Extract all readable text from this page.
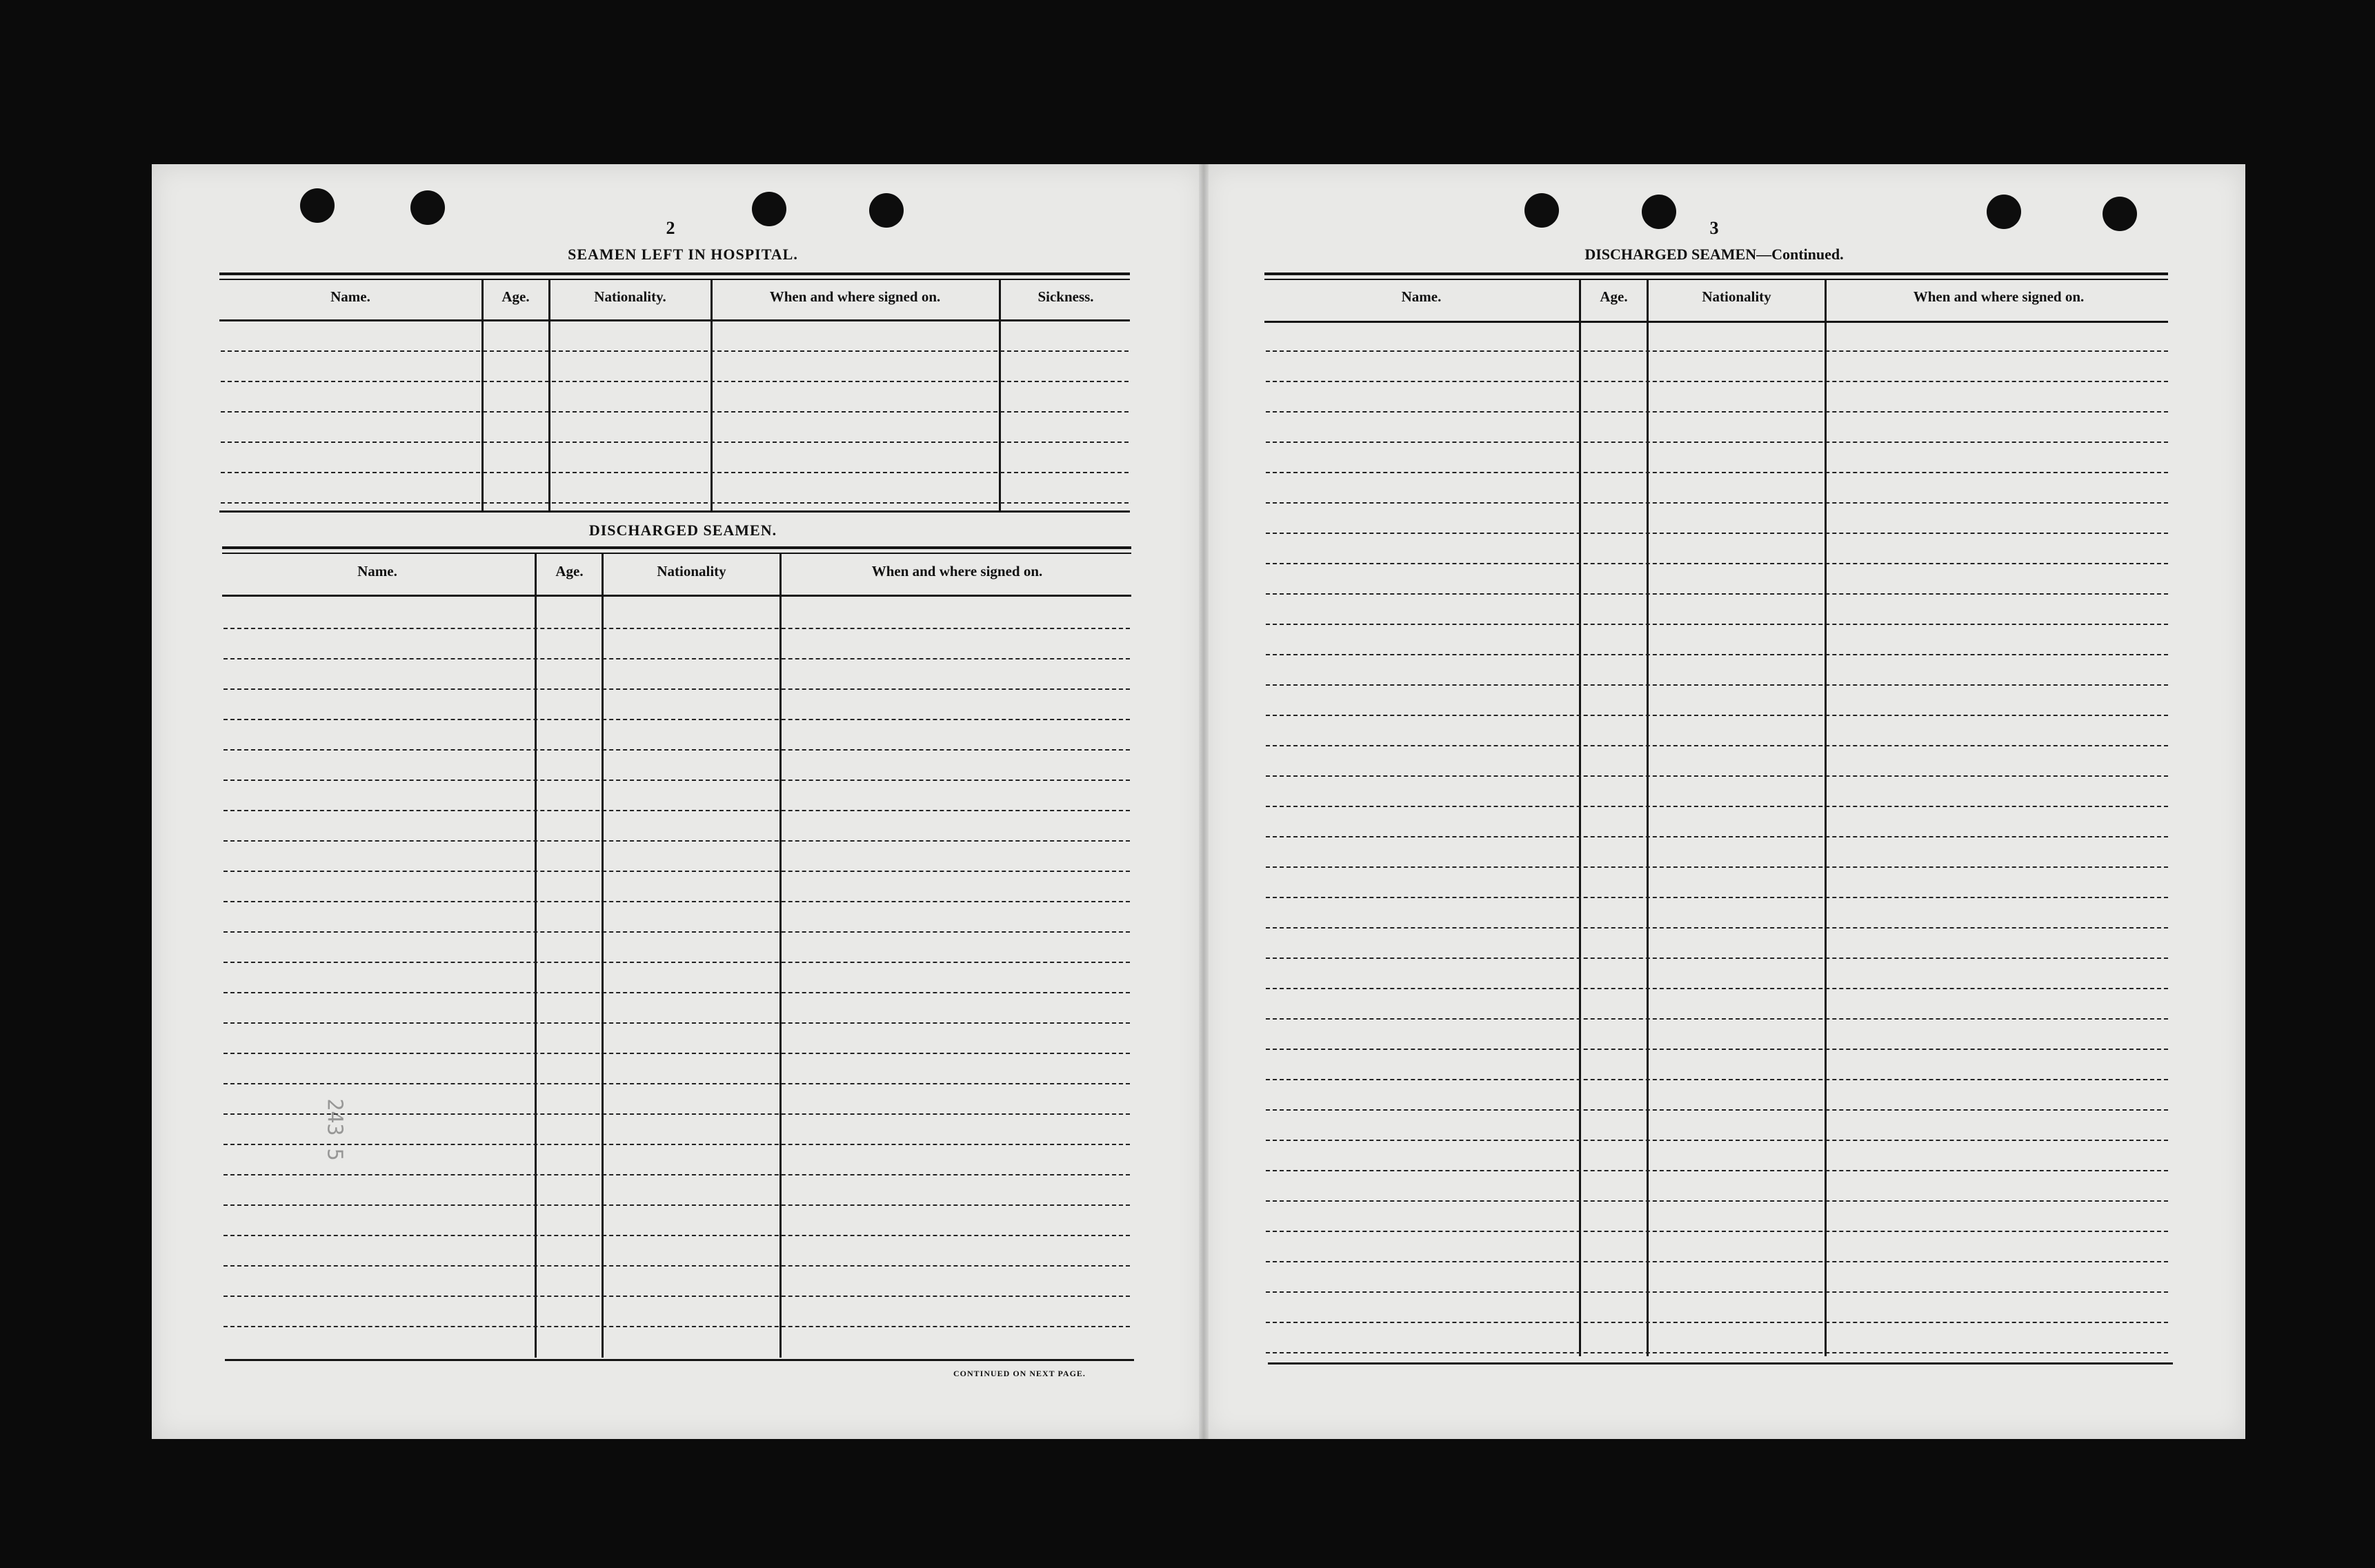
2
SEAMEN LEFT IN HOSPITAL.
Name.	Age.	Nationality.	When and where signed on.	Sickness.
DISCHARGED SEAMEN.
Name.	Age.	Nationality	When and where signed on.
CONTINUED ON NEXT PAGE.
243 5
3
DISCHARGED SEAMEN—Continued.
Name.	Age.	Nationality	When and where signed on.
